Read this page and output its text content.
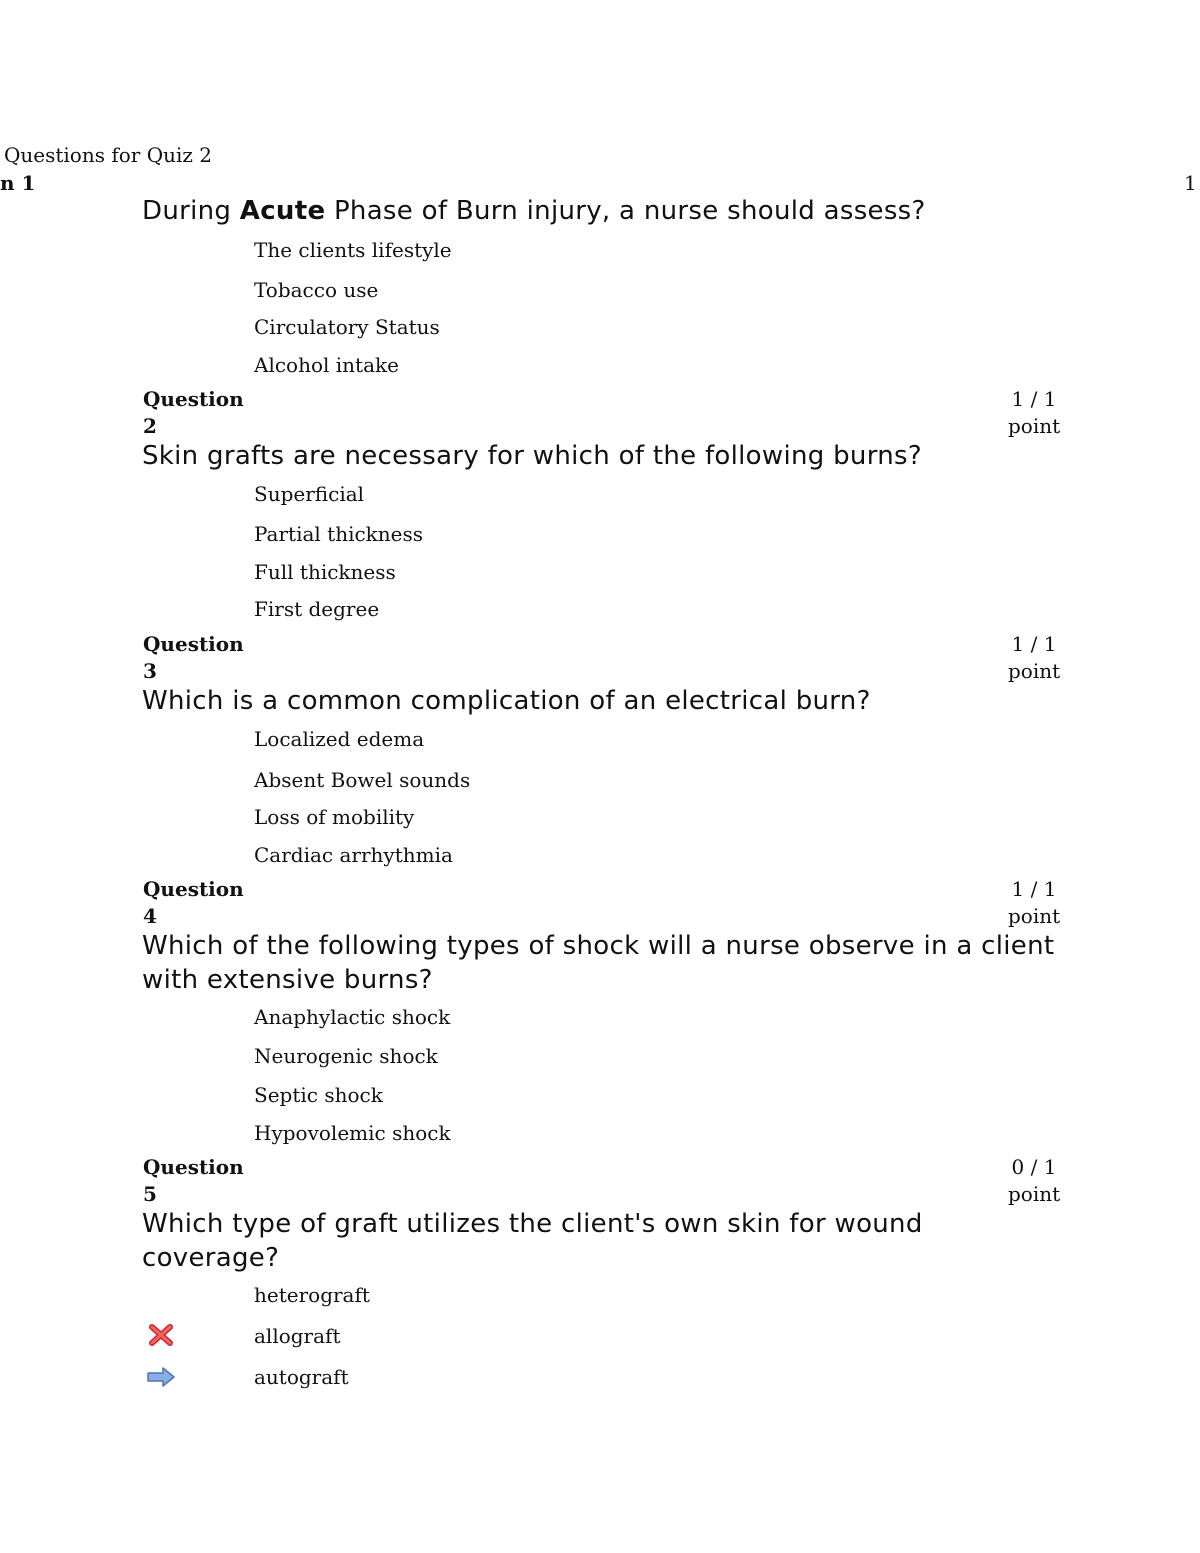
Questions for Quiz 2
n 1	1
During Acute Phase of Burn injury, a nurse should assess?
The clients lifestyle
Tobacco use
Circulatory Status
Alcohol intake
Question
2
1 / 1
point
Skin grafts are necessary for which of the following burns?
Superficial
Partial thickness
Full thickness
First degree
Question
3
1 / 1
point
Which is a common complication of an electrical burn?
Localized edema
Absent Bowel sounds
Loss of mobility
Cardiac arrhythmia
Question
4
1 / 1
point
Which of the following types of shock will a nurse observe in a client with extensive burns?
Anaphylactic shock
Neurogenic shock
Septic shock
Hypovolemic shock
Question
5
0 / 1
point
Which type of graft utilizes the client's own skin for wound coverage?
heterograft
allograft
autograft
